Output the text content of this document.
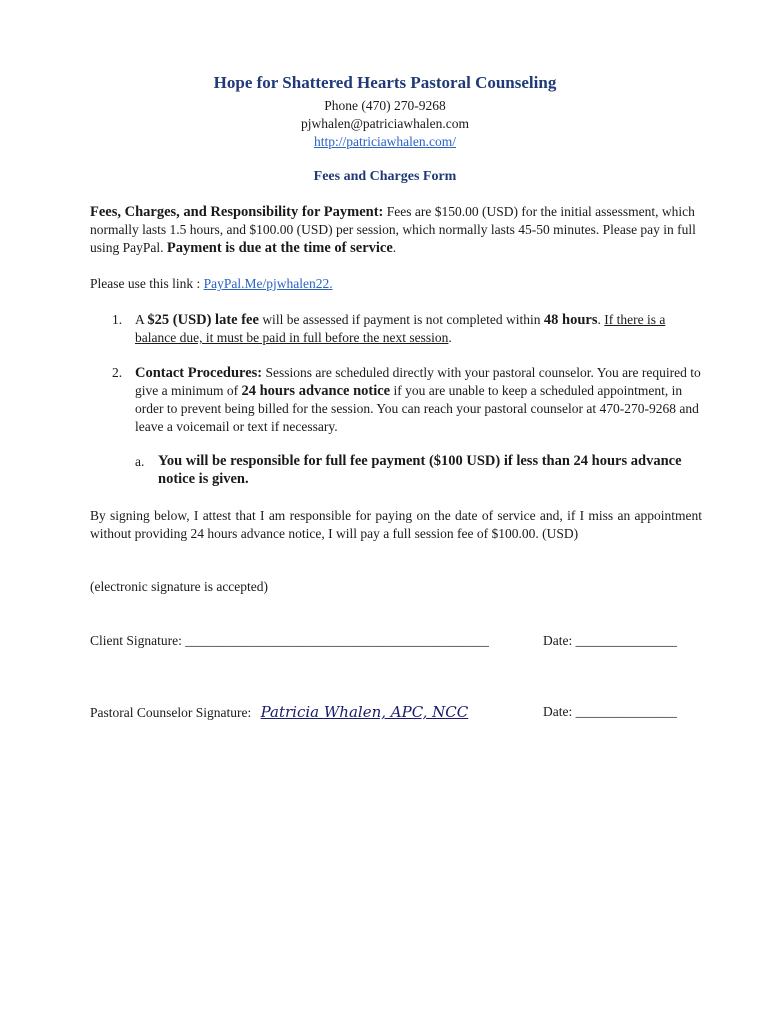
Hope for Shattered Hearts Pastoral Counseling
Phone (470) 270-9268
pjwhalen@patriciawhalen.com
http://patriciawhalen.com/
Fees and Charges Form
Fees, Charges, and Responsibility for Payment: Fees are $150.00 (USD) for the initial assessment, which normally lasts 1.5 hours, and $100.00 (USD) per session, which normally lasts 45-50 minutes. Please pay in full using PayPal. Payment is due at the time of service.
Please use this link : PayPal.Me/pjwhalen22.
1. A $25 (USD) late fee will be assessed if payment is not completed within 48 hours. If there is a balance due, it must be paid in full before the next session.
2. Contact Procedures: Sessions are scheduled directly with your pastoral counselor. You are required to give a minimum of 24 hours advance notice if you are unable to keep a scheduled appointment, in order to prevent being billed for the session. You can reach your pastoral counselor at 470-270-9268 and leave a voicemail or text if necessary.
a. You will be responsible for full fee payment ($100 USD) if less than 24 hours advance notice is given.
By signing below, I attest that I am responsible for paying on the date of service and, if I miss an appointment without providing 24 hours advance notice, I will pay a full session fee of $100.00. (USD)
(electronic signature is accepted)
Client Signature: _____________________________________________	Date: _______________
Pastoral Counselor Signature: Patricia Whalen, APC, NCC	Date: _______________
